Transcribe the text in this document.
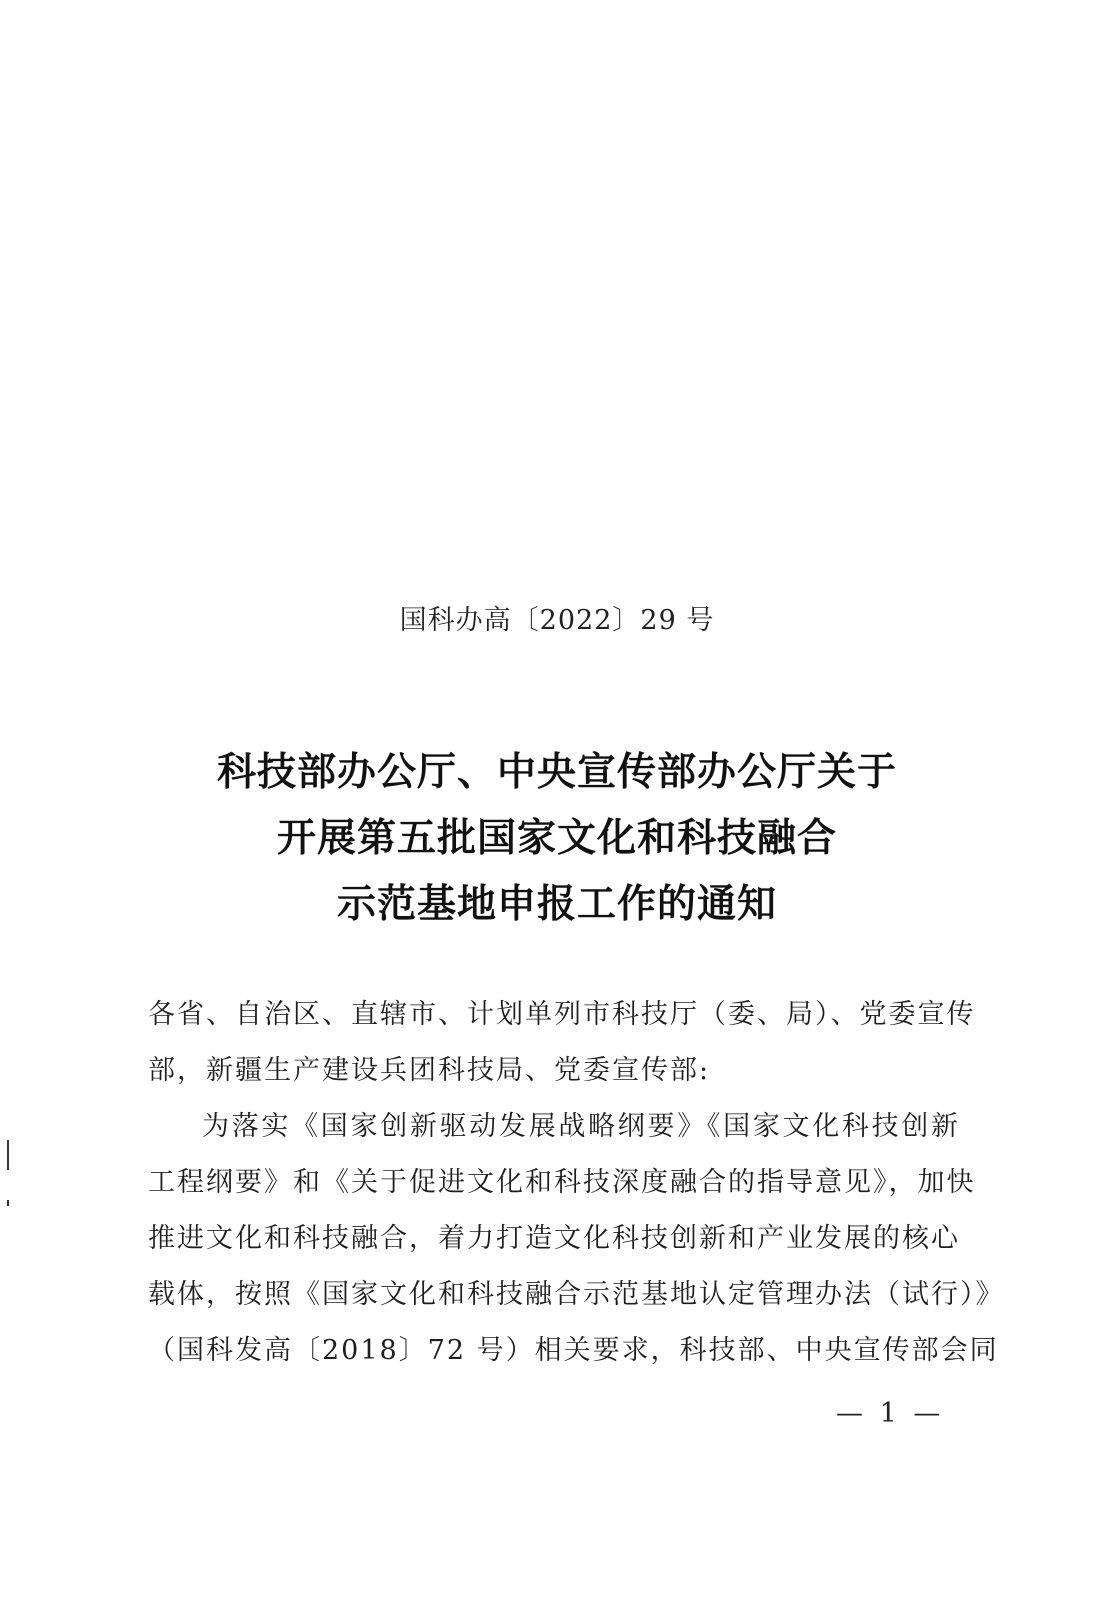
国科办高〔2022〕29 号
科技部办公厅、中央宣传部办公厅关于
开展第五批国家文化和科技融合
示范基地申报工作的通知
各省、自治区、直辖市、计划单列市科技厅（委、局）、党委宣传
部，新疆生产建设兵团科技局、党委宣传部:
为落实《国家创新驱动发展战略纲要》《国家文化科技创新
工程纲要》和《关于促进文化和科技深度融合的指导意见》，加快
推进文化和科技融合，着力打造文化科技创新和产业发展的核心
载体，按照《国家文化和科技融合示范基地认定管理办法（试行）》
（国科发高〔2018〕72 号）相关要求，科技部、中央宣传部会同
— 1 —
